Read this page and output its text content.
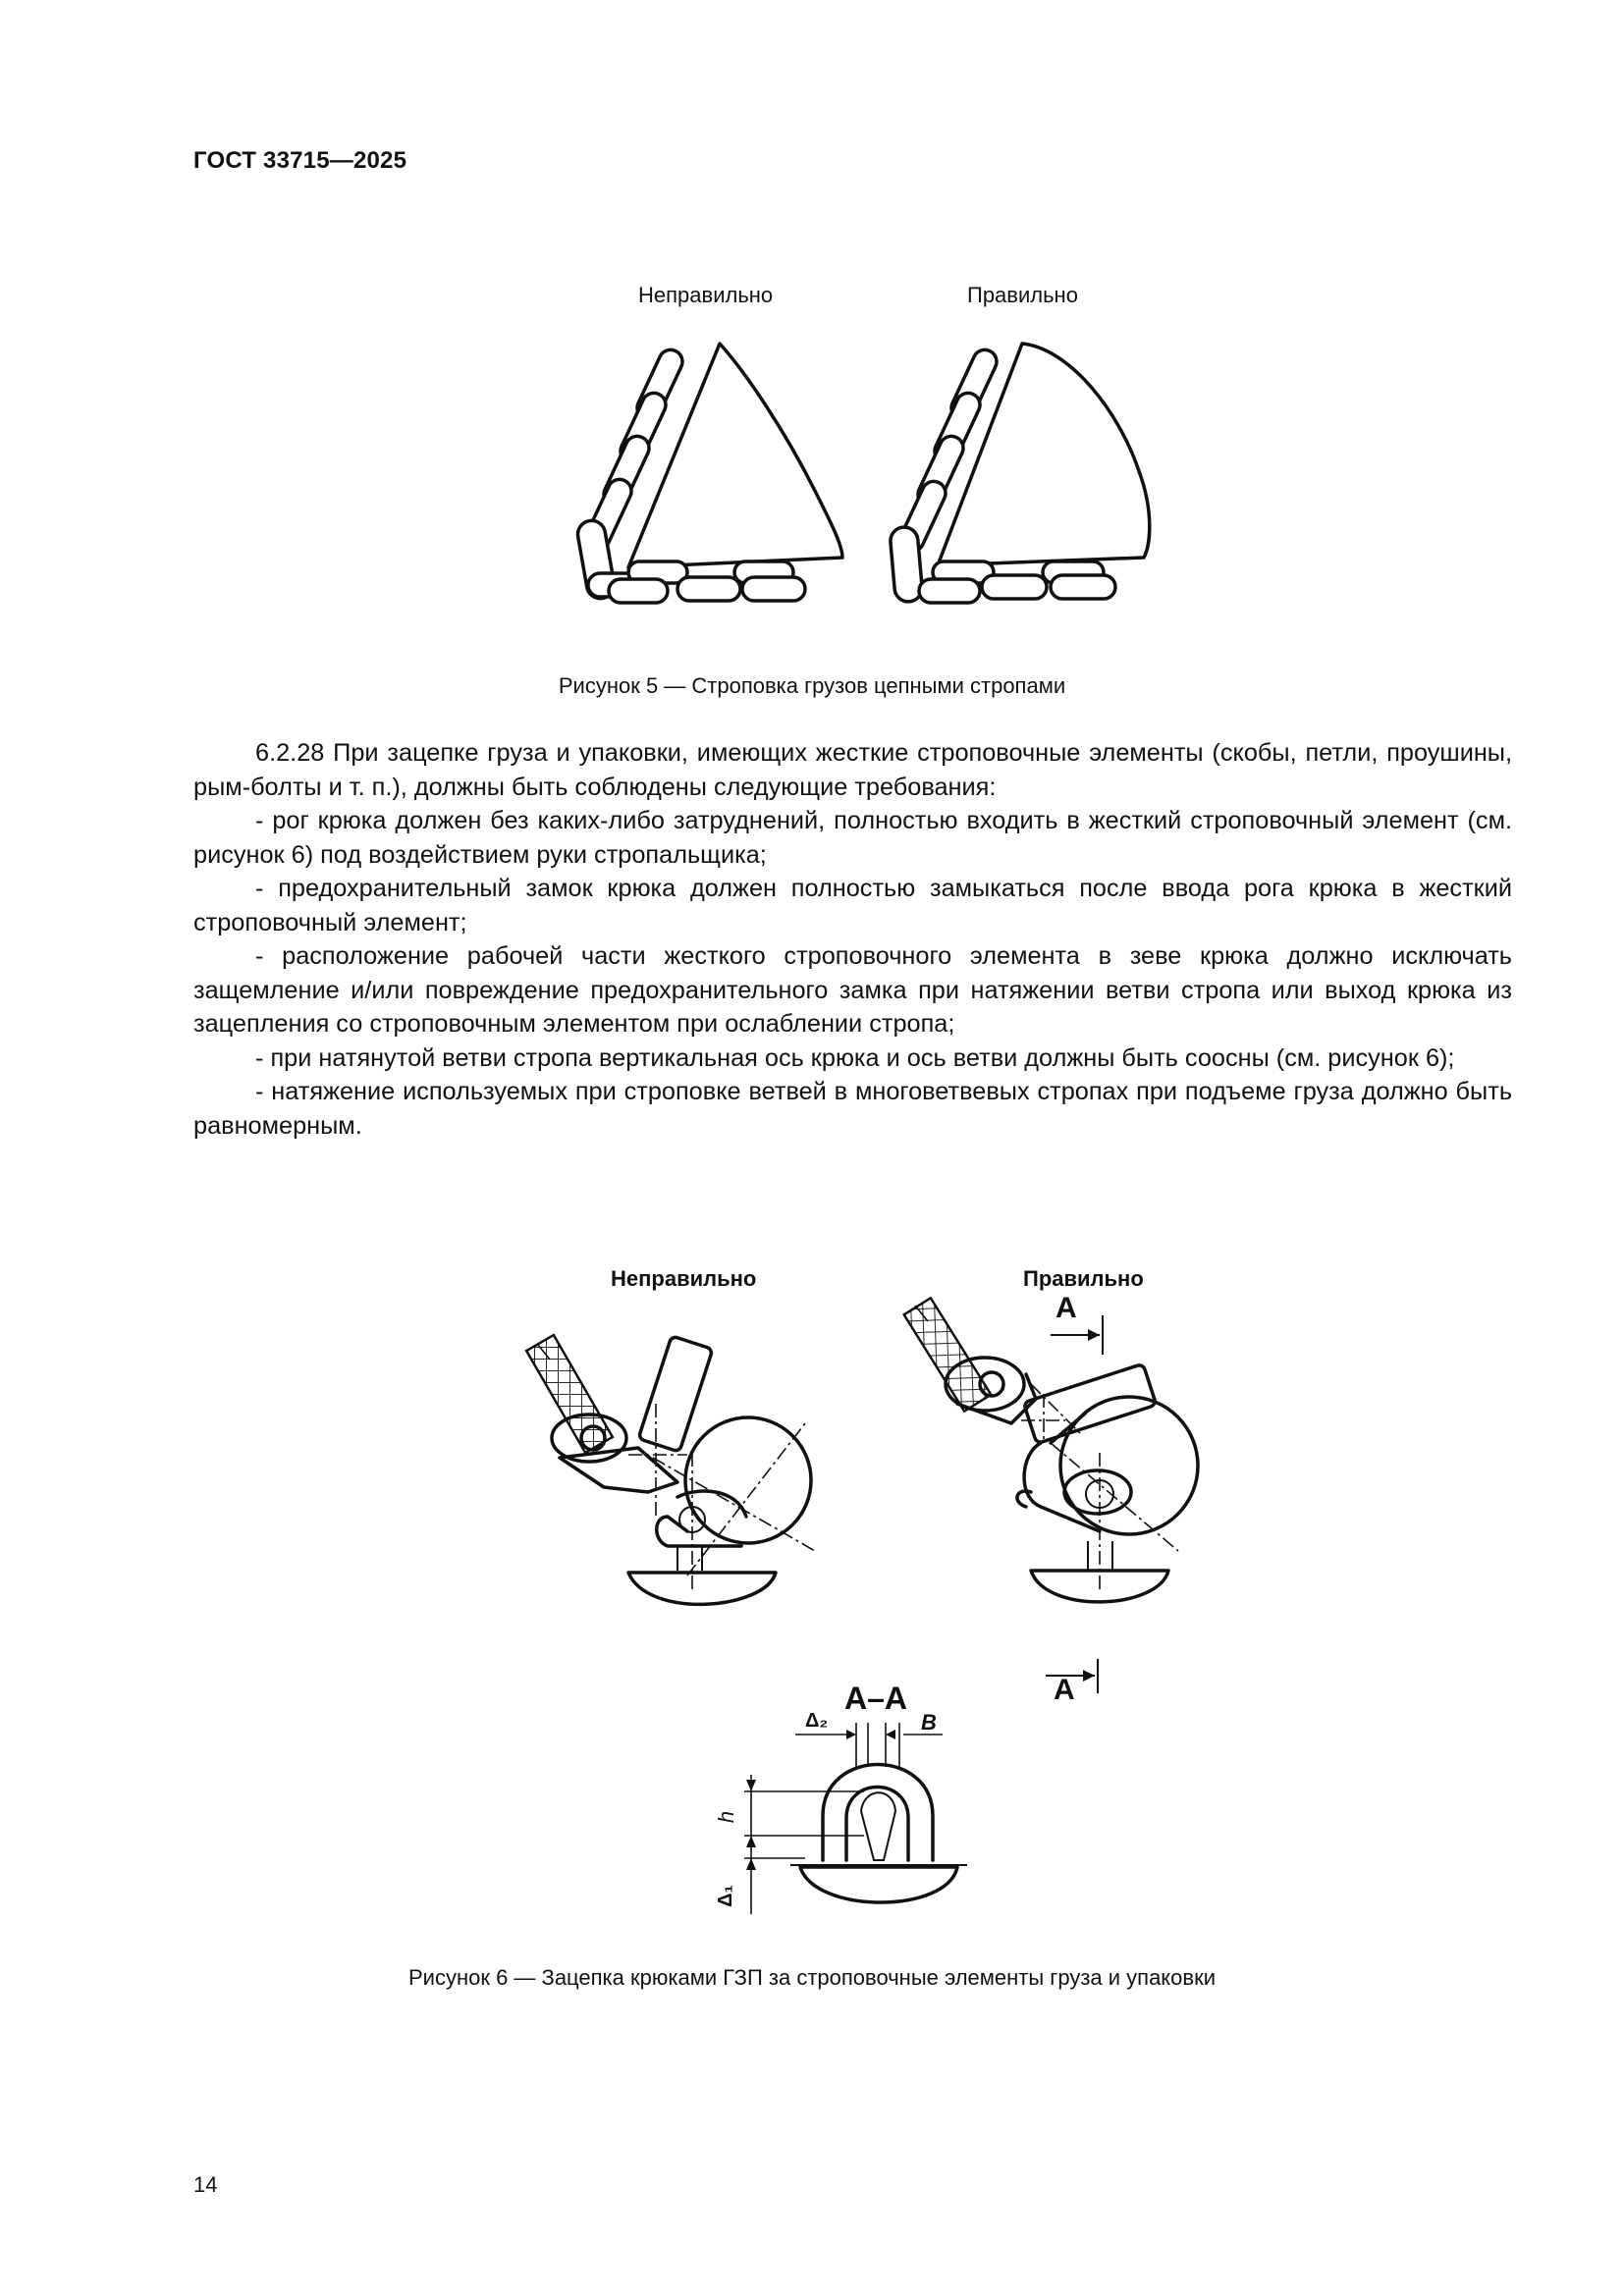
ГОСТ 33715—2025
Неправильно	Правильно
Рисунок 5 — Строповка грузов цепными стропами

6.2.28 При зацепке груза и упаковки, имеющих жесткие строповочные элементы (скобы, петли, проушины, рым-болты и т. п.), должны быть соблюдены следующие требования:

- рог крюка должен без каких-либо затруднений, полностью входить в жесткий строповочный элемент (см. рисунок 6) под воздействием руки стропальщика;

- предохранительный замок крюка должен полностью замыкаться после ввода рога крюка в жесткий строповочный элемент;

- расположение рабочей части жесткого строповочного элемента в зеве крюка должно исключать защемление и/или повреждение предохранительного замка при натяжении ветви стропа или выход крюка из зацепления со строповочным элементом при ослаблении стропа;

- при натянутой ветви стропа вертикальная ось крюка и ось ветви должны быть соосны (см. рисунок 6);

- натяжение используемых при строповке ветвей в многоветвевых стропах при подъеме груза должно быть равномерным.

Неправильно	Правильно
А
А
А–А
Δ₂	В
h
Δ₁
Рисунок 6 — Зацепка крюками ГЗП за строповочные элементы груза и упаковки
14
